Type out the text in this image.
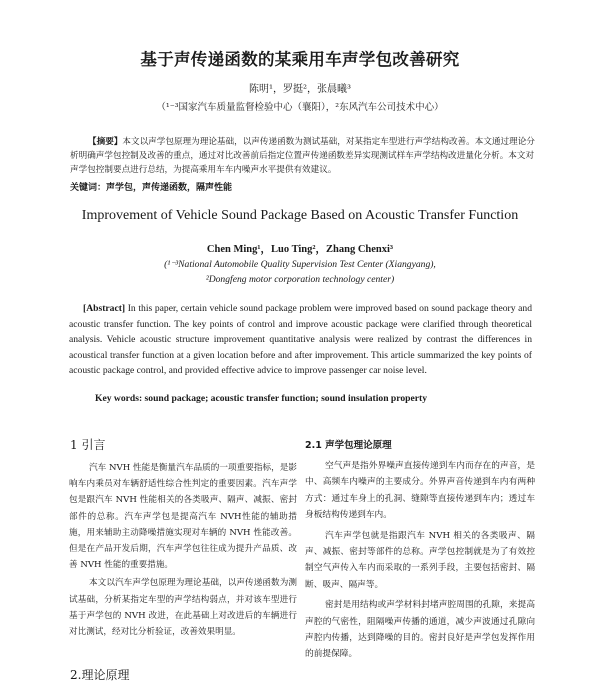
基于声传递函数的某乘用车声学包改善研究
陈明¹，罗挺²，张晨曦³
（¹⁻³国家汽车质量监督检验中心（襄阳），²东风汽车公司技术中心）
【摘要】本文以声学包原理为理论基础，以声传递函数为测试基础，对某指定车型进行声学结构改善。本文通过理论分析明确声学包控制及改善的重点，通过对比改善前后指定位置声传递函数差异实现测试样车声学结构改进量化分析。本文对声学包控制要点进行总结，为提高乘用车车内噪声水平提供有效建议。
关键词：声学包，声传递函数，隔声性能
Improvement of Vehicle Sound Package Based on Acoustic Transfer Function
Chen Ming¹，Luo Ting²，Zhang Chenxi³
(¹⁻³National Automobile Quality Supervision Test Center (Xiangyang),
²Dongfeng motor corporation technology center)
[Abstract] In this paper, certain vehicle sound package problem were improved based on sound package theory and acoustic transfer function. The key points of control and improve acoustic package were clarified through theoretical analysis. Vehicle acoustic structure improvement quantitative analysis were realized by contrast the differences in acoustical transfer function at a given location before and after improvement. This article summarized the key points of acoustic package control, and provided effective advice to improve passenger car noise level.
Key words: sound package; acoustic transfer function; sound insulation property
1 引言

汽车 NVH 性能是衡量汽车品质的一项重要指标，是影响车内乘员对车辆舒适性综合性判定的重要因素。汽车声学包是跟汽车 NVH 性能相关的各类吸声、隔声、减振、密封部件的总称。汽车声学包是提高汽车 NVH性能的辅助措施，用来辅助主动降噪措施实现对车辆的 NVH 性能改善。但是在产品开发后期，汽车声学包往往成为提升产品质、改善 NVH 性能的重要措施。

本文以汽车声学包原理为理论基础，以声传递函数为测试基础，分析某指定车型的声学结构弱点，并对该车型进行基于声学包的 NVH 改进，在此基础上对改进后的车辆进行对比测试，经对比分析验证，改善效果明显。

2.理论原理
2.1 声学包理论原理

空气声是指外界噪声直接传递到车内而存在的声音，是中、高频车内噪声的主要成分。外界声音传递到车内有两种方式：通过车身上的孔洞、缝隙等直接传递到车内；透过车身板结构传递到车内。

汽车声学包就是指跟汽车 NVH 相关的各类吸声、隔声、减振、密封等部件的总称。声学包控制就是为了有效控制空气声传入车内而采取的一系列手段，主要包括密封、隔断、吸声、隔声等。

密封是用结构或声学材料封堵声腔周围的孔隙，来提高声腔的气密性，阻隔噪声传播的通道，减少声波通过孔隙向声腔内传播，达到降噪的目的。密封良好是声学包发挥作用的前提保障。
